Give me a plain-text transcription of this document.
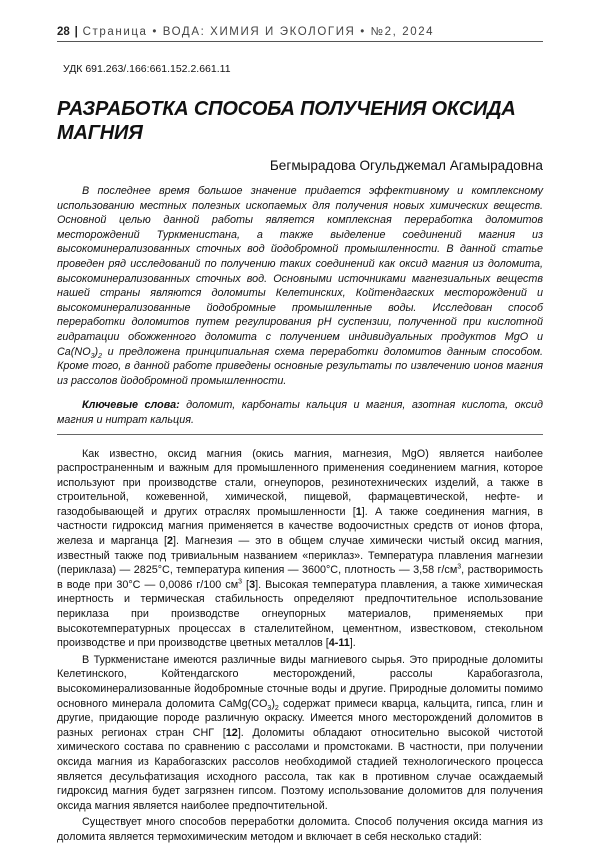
28 | Страница • ВОДА: ХИМИЯ И ЭКОЛОГИЯ • №2, 2024
УДК 691.263/.166:661.152.2.661.11
РАЗРАБОТКА СПОСОБА ПОЛУЧЕНИЯ ОКСИДА МАГНИЯ
Бегмырадова Огульджемал Агамырадовна
В последнее время большое значение придается эффективному и комплексному использованию местных полезных ископаемых для получения новых химических веществ. Основной целью данной работы является комплексная переработка доломитов месторождений Туркменистана, а также выделение соединений магния из высокоминерализованных сточных вод йодобромной промышленности. В данной статье проведен ряд исследований по получению таких соединений как оксид магния из доломита, высокоминерализованных сточных вод. Основными источниками магнезиальных веществ нашей страны являются доломиты Келетинских, Койтендагских месторождений и высокоминерализованные йодобромные промышленные воды. Исследован способ переработки доломитов путем регулирования pH суспензии, полученной при кислотной гидратации обожженного доломита с получением индивидуальных продуктов MgO и $Ca(NO_3)_2$ и предложена принципиальная схема переработки доломитов данным способом. Кроме того, в данной работе приведены основные результаты по извлечению ионов магния из рассолов йодобромной промышленности.
Ключевые слова: доломит, карбонаты кальция и магния, азотная кислота, оксид магния и нитрат кальция.

Как известно, оксид магния (окись магния, магнезия, MgO) является наиболее распространенным и важным для промышленного применения соединением магния, которое используют при производстве стали, огнеупоров, резинотехнических изделий, а также в строительной, кожевенной, химической, пищевой, фармацевтической, нефте- и газодобывающей и других отраслях промышленности [1]. А также соединения магния, в частности гидроксид магния применяется в качестве водоочистных средств от ионов фтора, железа и марганца [2]. Магнезия — это в общем случае химически чистый оксид магния, известный также под тривиальным названием «периклаз». Температура плавления магнезии (периклаза) — 2825°C, температура кипения — 3600°C, плотность — 3,58 $г/см^3$, растворимость в воде при 30°C — 0,0086 г/100 $см^3$ [3]. Высокая температура плавления, а также химическая инертность и термическая стабильность определяют предпочтительное использование периклаза при производстве огнеупорных материалов, применяемых при высокотемпературных процессах в сталелитейном, цементном, известковом, стекольном производстве и при производстве цветных металлов [4-11].

В Туркменистане имеются различные виды магниевого сырья. Это природные доломиты Келетинского, Койтендагского месторождений, рассолы Карабогазгола, высокоминерализованные йодобромные сточные воды и другие. Природные доломиты помимо основного минерала доломита $CaMg(CO_3)_2$ содержат примеси кварца, кальцита, гипса, глин и другие, придающие породе различную окраску. Имеется много месторождений доломитов в разных регионах стран СНГ [12]. Доломиты обладают относительно высокой чистотой химического состава по сравнению с рассолами и промстоками. В частности, при получении оксида магния из Карабогазских рассолов необходимой стадией технологического процесса является десульфатизация исходного рассола, так как в противном случае осаждаемый гидроксид магния будет загрязнен гипсом. Поэтому использование доломитов для получения оксида магния является наиболее предпочтительной.

Существует много способов переработки доломита. Способ получения оксида магния из доломита является термохимическим методом и включает в себя несколько стадий:
